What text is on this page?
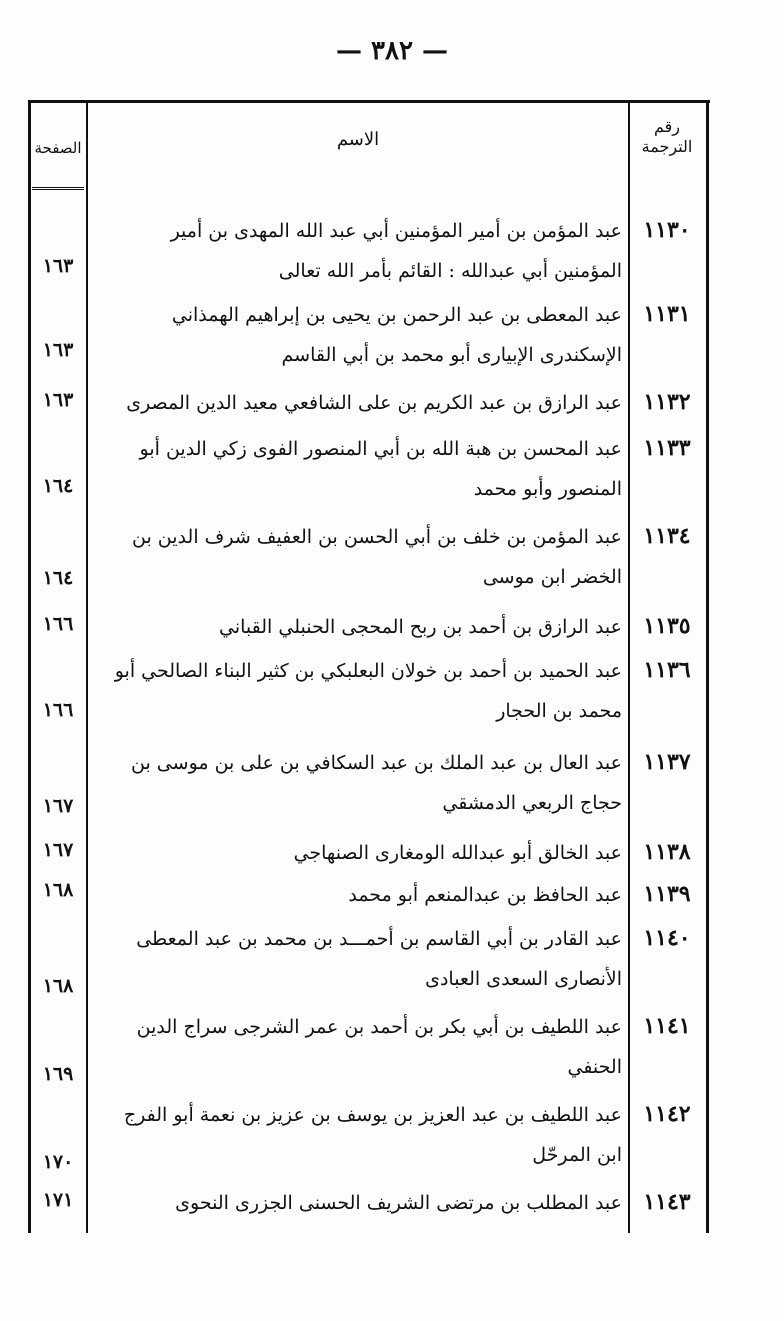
— ٣٨٢ —
رقم الترجمة
الاسم
الصفحة
١١٣٠
عبد المؤمن بن أمير المؤمنين أبي عبد الله المهدى بن أمير المؤمنين أبي عبدالله : القائم بأمر الله تعالى
١٦٣
١١٣١
عبد المعطى بن عبد الرحمن بن يحيى بن إبراهيم الهمذاني الإسكندرى الإبيارى أبو محمد بن أبي القاسم
١٦٣
١١٣٢
عبد الرازق بن عبد الكريم بن على الشافعي معيد الدين المصرى
١٦٣
١١٣٣
عبد المحسن بن هبة الله بن أبي المنصور الفوى زكي الدين أبو المنصور وأبو محمد
١٦٤
١١٣٤
عبد المؤمن بن خلف بن أبي الحسن بن العفيف شرف الدين بن الخضر ابن موسى
١٦٤
١١٣٥
عبد الرازق بن أحمد بن ربح المحجى الحنبلي القباني
١٦٦
١١٣٦
عبد الحميد بن أحمد بن خولان البعلبكي بن كثير البناء الصالحي أبو محمد بن الحجار
١٦٦
١١٣٧
عبد العال بن عبد الملك بن عبد السكافي بن على بن موسى بن حجاج الربعي الدمشقي
١٦٧
١١٣٨
عبد الخالق أبو عبدالله الومغارى الصنهاجي
١٦٧
١١٣٩
عبد الحافظ بن عبدالمنعم أبو محمد
١٦٨
١١٤٠
عبد القادر بن أبي القاسم بن أحمـــد بن محمد بن عبد المعطى الأنصارى السعدى العبادى
١٦٨
١١٤١
عبد اللطيف بن أبي بكر بن أحمد بن عمر الشرجى سراج الدين الحنفي
١٦٩
١١٤٢
عبد اللطيف بن عبد العزيز بن يوسف بن عزيز بن نعمة أبو الفرج ابن المرحّل
١٧٠
١١٤٣
عبد المطلب بن مرتضى الشريف الحسنى الجزرى النحوى
١٧١
